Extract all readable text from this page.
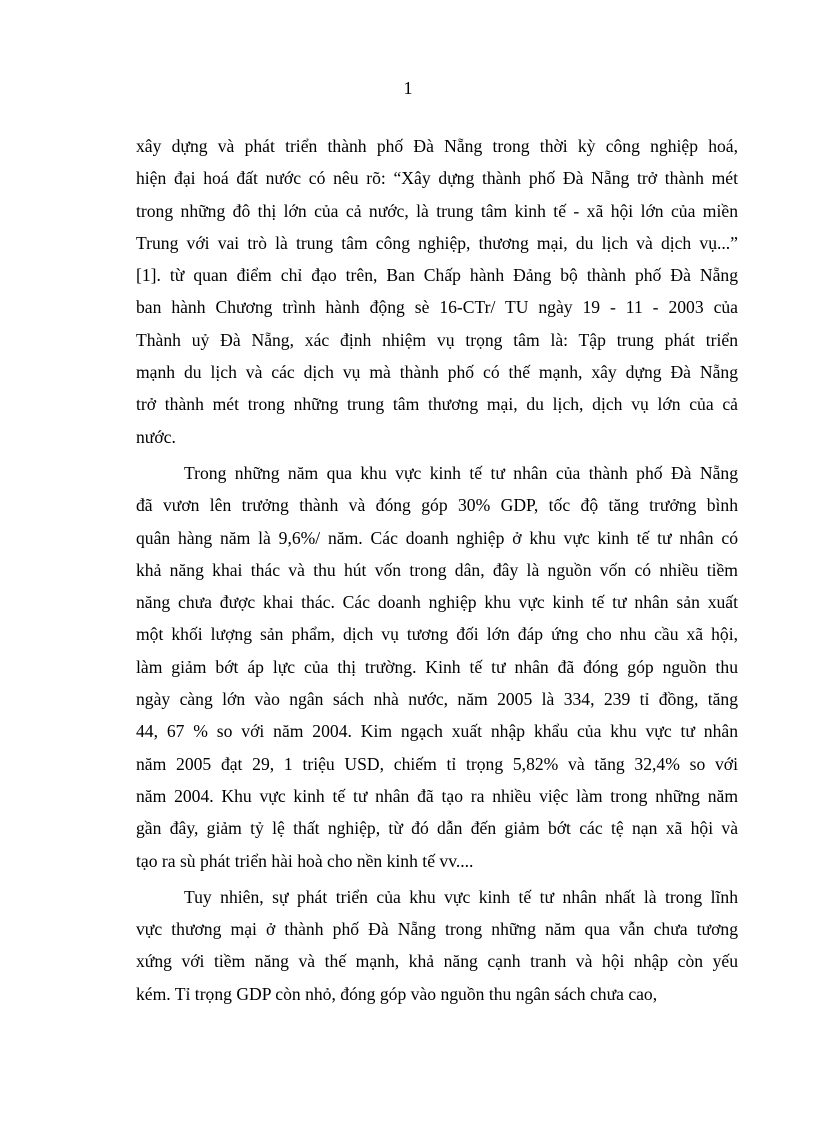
1
xây dựng và phát triển thành phố Đà Nẵng trong thời kỳ công nghiệp hoá,
hiện đại hoá đất nước có nêu rõ: “Xây dựng thành phố Đà Nẵng trở thành mét
trong những đô thị lớn của cả nước, là trung tâm kinh tế - xã hội lớn của miền
Trung với vai trò là trung tâm công nghiệp, thương mại, du lịch và dịch vụ...”
[1]. từ quan điểm chỉ đạo trên, Ban Chấp hành Đảng bộ thành phố Đà Nẵng
ban hành Chương trình hành động sè 16-CTr/ TU ngày 19 - 11 - 2003 của
Thành uỷ Đà Nẵng, xác định nhiệm vụ trọng tâm là: Tập trung phát triển
mạnh du lịch và các dịch vụ mà thành phố có thế mạnh, xây dựng Đà Nẵng
trở thành mét trong những trung tâm thương mại, du lịch, dịch vụ lớn của cả
nước.
Trong những năm qua khu vực kinh tế tư nhân của thành phố Đà Nẵng
đã vươn lên trưởng thành và đóng góp 30% GDP, tốc độ tăng trưởng bình
quân hàng năm là 9,6%/ năm. Các doanh nghiệp ở khu vực kinh tế tư nhân có
khả năng khai thác và thu hút vốn trong dân, đây là nguồn vốn có nhiều tiềm
năng chưa được khai thác. Các doanh nghiệp khu vực kinh tế tư nhân sản xuất
một khối lượng sản phẩm, dịch vụ tương đối lớn đáp ứng cho nhu cầu xã hội,
làm giảm bớt áp lực của thị trường. Kinh tế tư nhân đã đóng góp nguồn thu
ngày càng lớn vào ngân sách nhà nước, năm 2005 là 334, 239 tỉ đồng, tăng
44, 67 % so với năm 2004. Kim ngạch xuất nhập khẩu của khu vực tư nhân
năm 2005 đạt 29, 1 triệu USD, chiếm tỉ trọng 5,82% và tăng 32,4% so với
năm 2004. Khu vực kinh tế tư nhân đã tạo ra nhiều việc làm trong những năm
gần đây, giảm tỷ lệ thất nghiệp, từ đó dẫn đến giảm bớt các tệ nạn xã hội và
tạo ra sù phát triển hài hoà cho nền kinh tế vv....
Tuy nhiên, sự phát triển của khu vực kinh tế tư nhân nhất là trong lĩnh
vực thương mại ở thành phố Đà Nẵng trong những năm qua vẫn chưa tương
xứng với tiềm năng và thế mạnh, khả năng cạnh tranh và hội nhập còn yếu
kém. Tỉ trọng GDP còn nhỏ, đóng góp vào nguồn thu ngân sách chưa cao,
